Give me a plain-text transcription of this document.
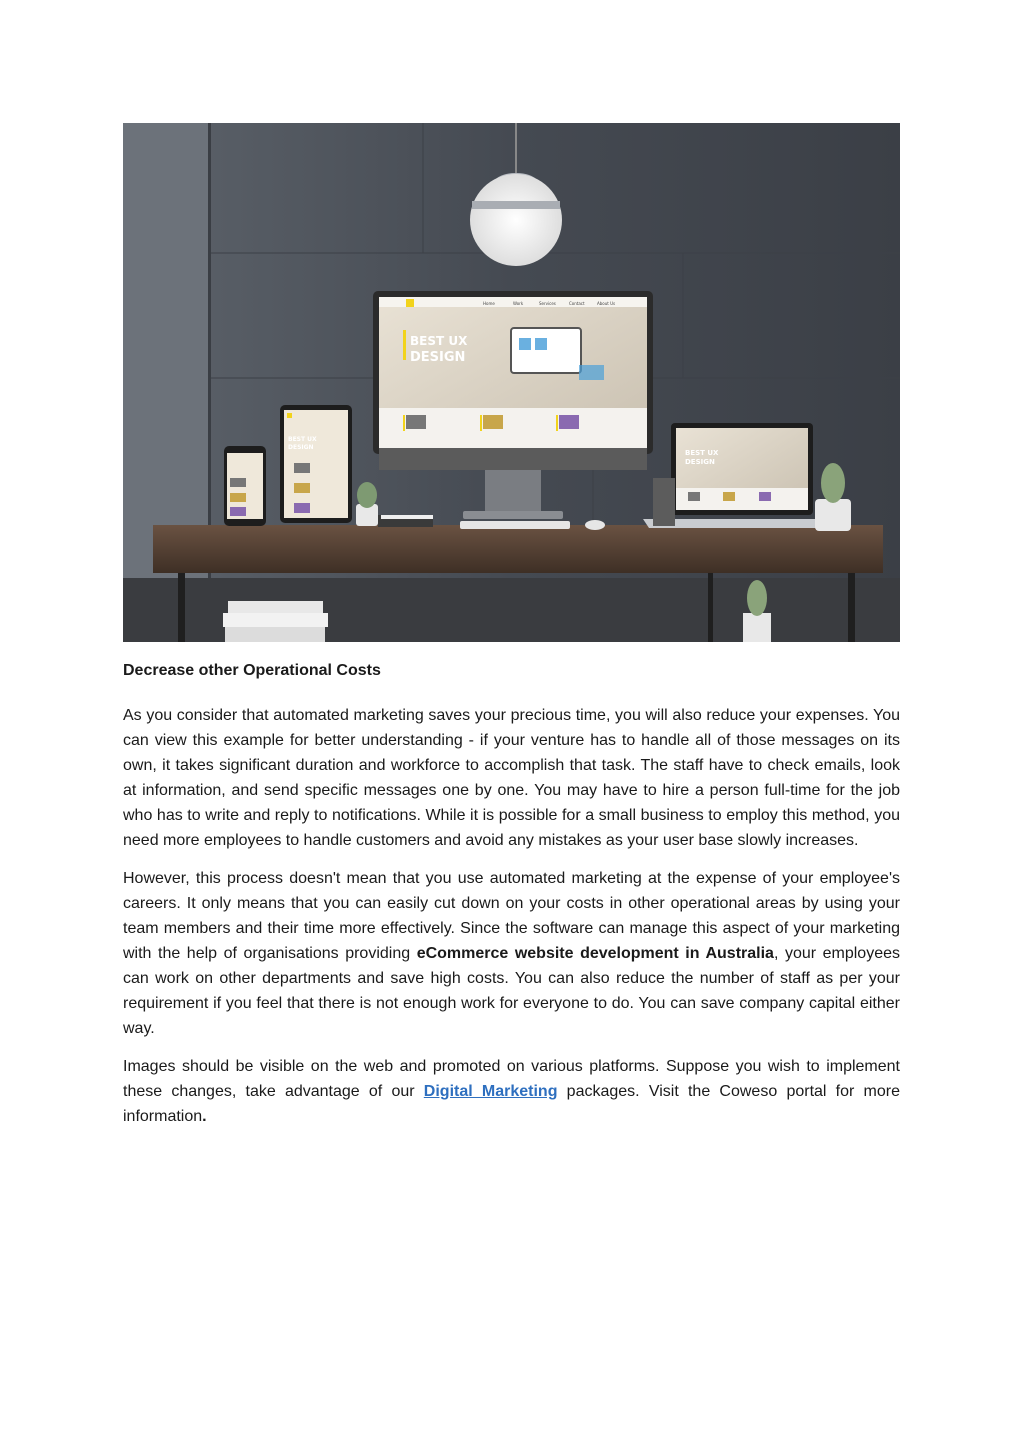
Home	Work	Services	Contact	About Us
BEST UX
DESIGN
BEST UX
DESIGN
BEST UX
DESIGN
Decrease other Operational Costs

As you consider that automated marketing saves your precious time, you will also reduce your expenses. You can view this example for better understanding - if your venture has to handle all of those messages on its own, it takes significant duration and workforce to accomplish that task. The staff have to check emails, look at information, and send specific messages one by one. You may have to hire a person full-time for the job who has to write and reply to notifications. While it is possible for a small business to employ this method, you need more employees to handle customers and avoid any mistakes as your user base slowly increases.

However, this process doesn't mean that you use automated marketing at the expense of your employee's careers. It only means that you can easily cut down on your costs in other operational areas by using your team members and their time more effectively. Since the software can manage this aspect of your marketing with the help of organisations providing eCommerce website development in Australia, your employees can work on other departments and save high costs. You can also reduce the number of staff as per your requirement if you feel that there is not enough work for everyone to do. You can save company capital either way.

Images should be visible on the web and promoted on various platforms. Suppose you wish to implement these changes, take advantage of our Digital Marketing packages. Visit the Coweso portal for more information.
